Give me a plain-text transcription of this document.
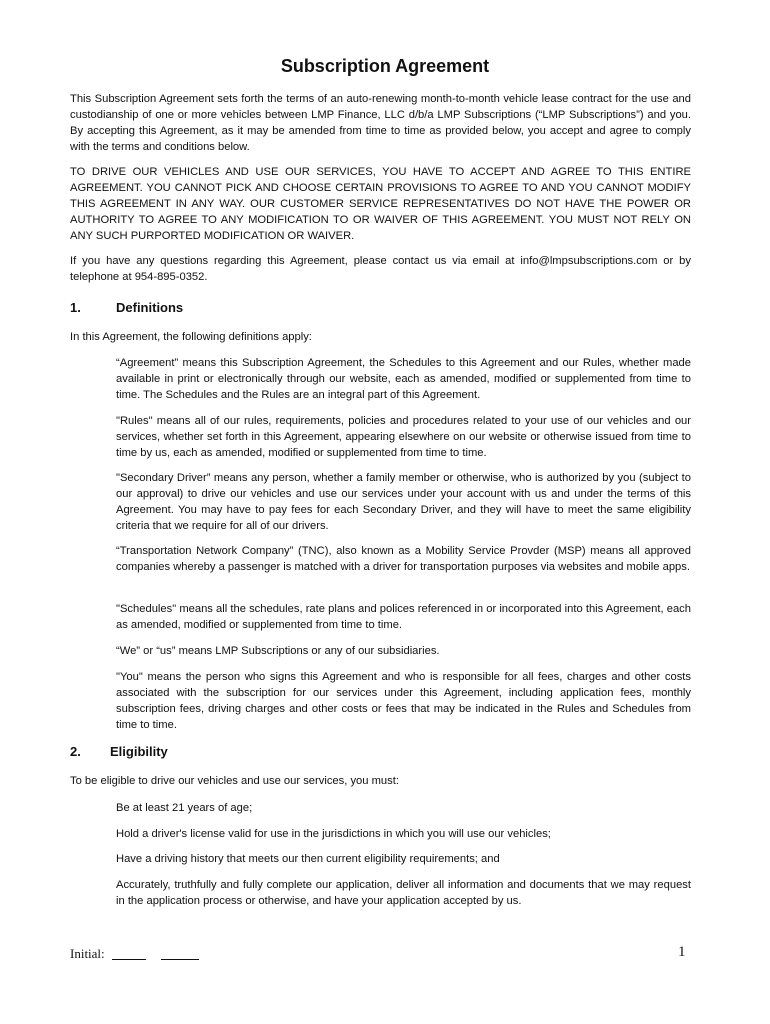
Subscription Agreement

This Subscription Agreement sets forth the terms of an auto-renewing month-to-month vehicle lease contract for the use and custodianship of one or more vehicles between LMP Finance, LLC d/b/a LMP Subscriptions (“LMP Subscriptions”) and you. By accepting this Agreement, as it may be amended from time to time as provided below, you accept and agree to comply with the terms and conditions below.

TO DRIVE OUR VEHICLES AND USE OUR SERVICES, YOU HAVE TO ACCEPT AND AGREE TO THIS ENTIRE AGREEMENT. YOU CANNOT PICK AND CHOOSE CERTAIN PROVISIONS TO AGREE TO AND YOU CANNOT MODIFY THIS AGREEMENT IN ANY WAY. OUR CUSTOMER SERVICE REPRESENTATIVES DO NOT HAVE THE POWER OR AUTHORITY TO AGREE TO ANY MODIFICATION TO OR WAIVER OF THIS AGREEMENT. YOU MUST NOT RELY ON ANY SUCH PURPORTED MODIFICATION OR WAIVER.

If you have any questions regarding this Agreement, please contact us via email at info@lmpsubscriptions.com or by telephone at 954-895-0352.

1.	Definitions

In this Agreement, the following definitions apply:

“Agreement” means this Subscription Agreement, the Schedules to this Agreement and our Rules, whether made available in print or electronically through our website, each as amended, modified or supplemented from time to time. The Schedules and the Rules are an integral part of this Agreement.

"Rules" means all of our rules, requirements, policies and procedures related to your use of our vehicles and our services, whether set forth in this Agreement, appearing elsewhere on our website or otherwise issued from time to time by us, each as amended, modified or supplemented from time to time.

"Secondary Driver” means any person, whether a family member or otherwise, who is authorized by you (subject to our approval) to drive our vehicles and use our services under your account with us and under the terms of this Agreement. You may have to pay fees for each Secondary Driver, and they will have to meet the same eligibility criteria that we require for all of our drivers.

“Transportation Network Company” (TNC), also known as a Mobility Service Provder (MSP) means all approved companies whereby a passenger is matched with a driver for transportation purposes via websites and mobile apps.

"Schedules" means all the schedules, rate plans and polices referenced in or incorporated into this Agreement, each as amended, modified or supplemented from time to time.

“We” or “us” means LMP Subscriptions or any of our subsidiaries.

"You" means the person who signs this Agreement and who is responsible for all fees, charges and other costs associated with the subscription for our services under this Agreement, including application fees, monthly subscription fees, driving charges and other costs or fees that may be indicated in the Rules and Schedules from time to time.

2. Eligibility

To be eligible to drive our vehicles and use our services, you must:

Be at least 21 years of age;

Hold a driver's license valid for use in the jurisdictions in which you will use our vehicles;

Have a driving history that meets our then current eligibility requirements; and

Accurately, truthfully and fully complete our application, deliver all information and documents that we may request in the application process or otherwise, and have your application accepted by us.

Initial:	1
